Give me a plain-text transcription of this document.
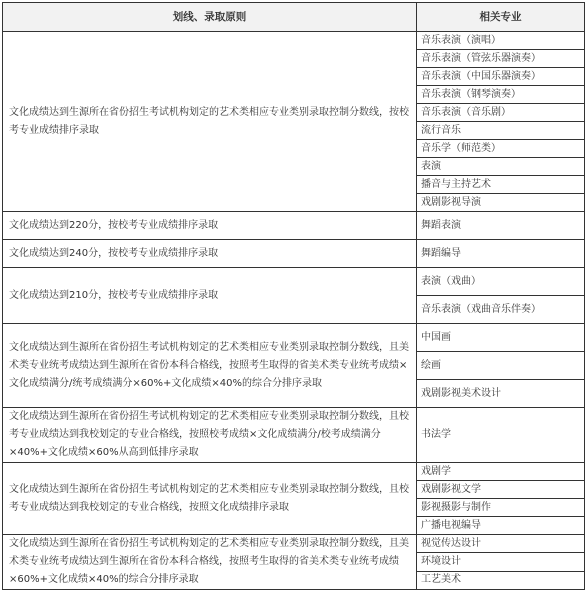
划线、录取原则	相关专业
文化成绩达到生源所在省份招生考试机构划定的艺术类相应专业类别录取控制分数线，按校考专业成绩排序录取	音乐表演（演唱）
	音乐表演（管弦乐器演奏）
	音乐表演（中国乐器演奏）
	音乐表演（钢琴演奏）
	音乐表演（音乐剧）
	流行音乐
	音乐学（师范类）
	表演
	播音与主持艺术
	戏剧影视导演
文化成绩达到220分，按校考专业成绩排序录取	舞蹈表演
文化成绩达到240分，按校考专业成绩排序录取	舞蹈编导
文化成绩达到210分，按校考专业成绩排序录取	表演（戏曲）
	音乐表演（戏曲音乐伴奏）
文化成绩达到生源所在省份招生考试机构划定的艺术类相应专业类别录取控制分数线，且美术类专业统考成绩达到生源所在省份本科合格线，按照考生取得的省美术类专业统考成绩×文化成绩满分/统考成绩满分×60%+文化成绩×40%的综合分排序录取	中国画
	绘画
	戏剧影视美术设计
文化成绩达到生源所在省份招生考试机构划定的艺术类相应专业类别录取控制分数线，且校考专业成绩达到我校划定的专业合格线，按照校考成绩×文化成绩满分/校考成绩满分×40%+文化成绩×60%从高到低排序录取	书法学
文化成绩达到生源所在省份招生考试机构划定的艺术类相应专业类别录取控制分数线，且校考专业成绩达到我校划定的专业合格线，按照文化成绩排序录取	戏剧学
	戏剧影视文学
	影视摄影与制作
	广播电视编导
文化成绩达到生源所在省份招生考试机构划定的艺术类相应专业类别录取控制分数线，且美术类专业统考成绩达到生源所在省份本科合格线，按照考生取得的省美术类专业统考成绩×60%+文化成绩×40%的综合分排序录取	视觉传达设计
	环境设计
	工艺美术
